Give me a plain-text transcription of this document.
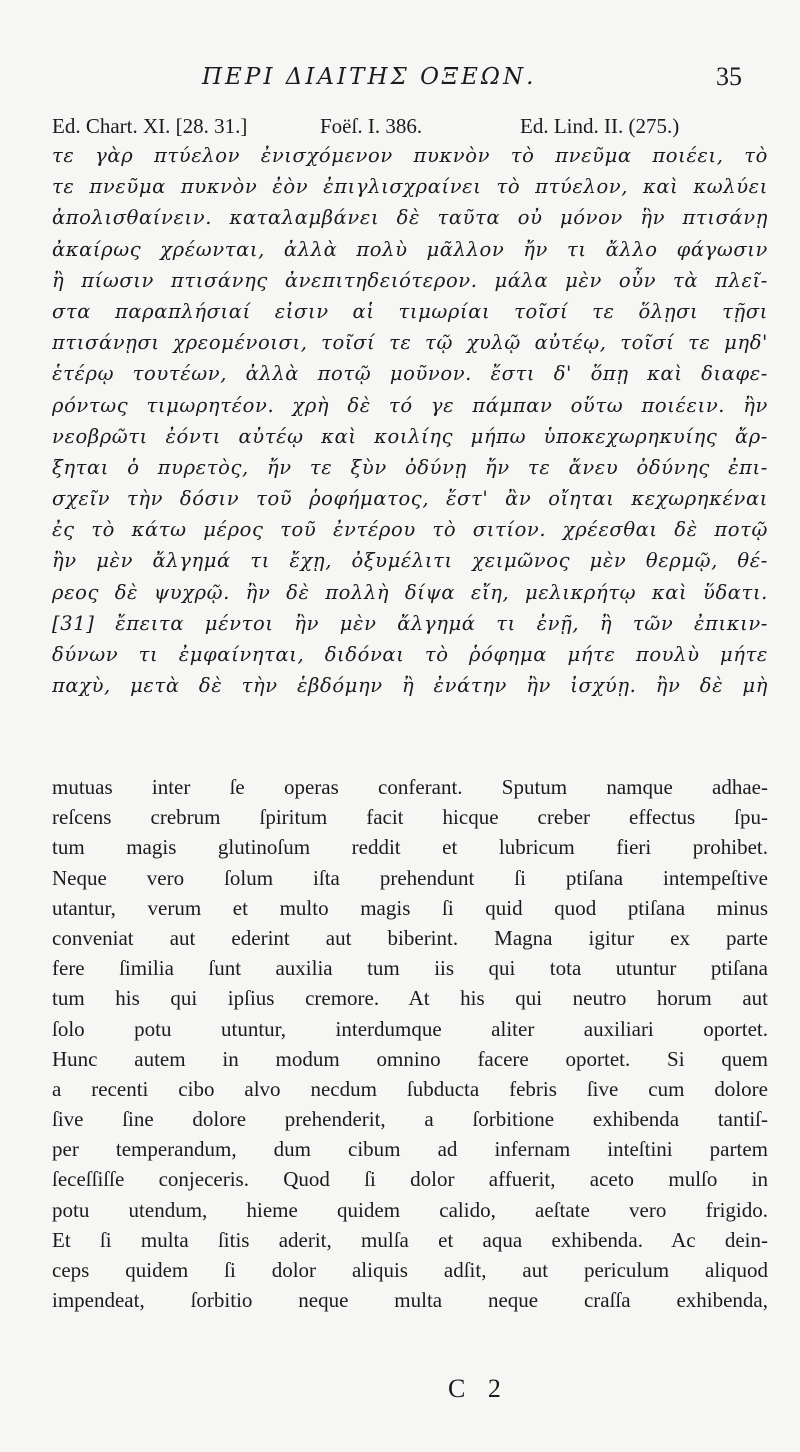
ΠΕΡΙ ΔΙΑΙΤΗΣ ΟΞΕΩΝ.	35
Ed. Chart. XI. [28. 31.]	Foëſ. I. 386.	Ed. Lind. II. (275.)
τε γὰρ πτύελον ἐνισχόμενον πυκνὸν τὸ πνεῦμα ποιέει, τὸ
τε πνεῦμα πυκνὸν ἐὸν ἐπιγλισχραίνει τὸ πτύελον, καὶ κωλύει
ἀπολισθαίνειν. καταλαμβάνει δὲ ταῦτα οὐ μόνον ἣν πτισάνῃ
ἀκαίρως χρέωνται, ἀλλὰ πολὺ μᾶλλον ἤν τι ἄλλο φάγωσιν
ἢ πίωσιν πτισάνης ἀνεπιτηδειότερον. μάλα μὲν οὖν τὰ πλεῖ-
στα παραπλήσιαί εἰσιν αἱ τιμωρίαι τοῖσί τε ὅλῃσι τῇσι
πτισάνῃσι χρεομένοισι, τοῖσί τε τῷ χυλῷ αὐτέῳ, τοῖσί τε μηδ'
ἑτέρῳ τουτέων, ἀλλὰ ποτῷ μοῦνον. ἔστι δ' ὅπῃ καὶ διαφε-
ρόντως τιμωρητέον. χρὴ δὲ τό γε πάμπαν οὕτω ποιέειν. ἢν
νεοβρῶτι ἐόντι αὐτέῳ καὶ κοιλίης μήπω ὑποκεχωρηκυίης ἄρ-
ξηται ὁ πυρετὸς, ἤν τε ξὺν ὀδύνῃ ἤν τε ἄνευ ὀδύνης ἐπι-
σχεῖν τὴν δόσιν τοῦ ῥοφήματος, ἔστ' ἂν οἴηται κεχωρηκέναι
ἐς τὸ κάτω μέρος τοῦ ἐντέρου τὸ σιτίον. χρέεσθαι δὲ ποτῷ
ἢν μὲν ἄλγημά τι ἔχῃ, ὀξυμέλιτι χειμῶνος μὲν θερμῷ, θέ-
ρεος δὲ ψυχρῷ. ἢν δὲ πολλὴ δίψα εἴη, μελικρήτῳ καὶ ὕδατι.
[31] ἔπειτα μέντοι ἢν μὲν ἄλγημά τι ἐνῇ, ἢ τῶν ἐπικιν-
δύνων τι ἐμφαίνηται, διδόναι τὸ ῥόφημα μήτε πουλὺ μήτε
παχὺ, μετὰ δὲ τὴν ἑβδόμην ἢ ἐνάτην ἢν ἰσχύῃ. ἢν δὲ μὴ
mutuas inter ſe operas conferant. Sputum namque adhae-
reſcens crebrum ſpiritum facit hicque creber effectus ſpu-
tum magis glutinoſum reddit et lubricum fieri prohibet.
Neque vero ſolum iſta prehendunt ſi ptiſana intempeſtive
utantur, verum et multo magis ſi quid quod ptiſana minus
conveniat aut ederint aut biberint. Magna igitur ex parte
fere ſimilia ſunt auxilia tum iis qui tota utuntur ptiſana
tum his qui ipſius cremore. At his qui neutro horum aut
ſolo potu utuntur, interdumque aliter auxiliari oportet.
Hunc autem in modum omnino facere oportet. Si quem
a recenti cibo alvo necdum ſubducta febris ſive cum dolore
ſive ſine dolore prehenderit, a ſorbitione exhibenda tantiſ-
per temperandum, dum cibum ad infernam inteſtini partem
ſeceſſiſſe conjeceris. Quod ſi dolor affuerit, aceto mulſo in
potu utendum, hieme quidem calido, aeſtate vero frigido.
Et ſi multa ſitis aderit, mulſa et aqua exhibenda. Ac dein-
ceps quidem ſi dolor aliquis adſit, aut periculum aliquod
impendeat, ſorbitio neque multa neque craſſa exhibenda,
C 2
